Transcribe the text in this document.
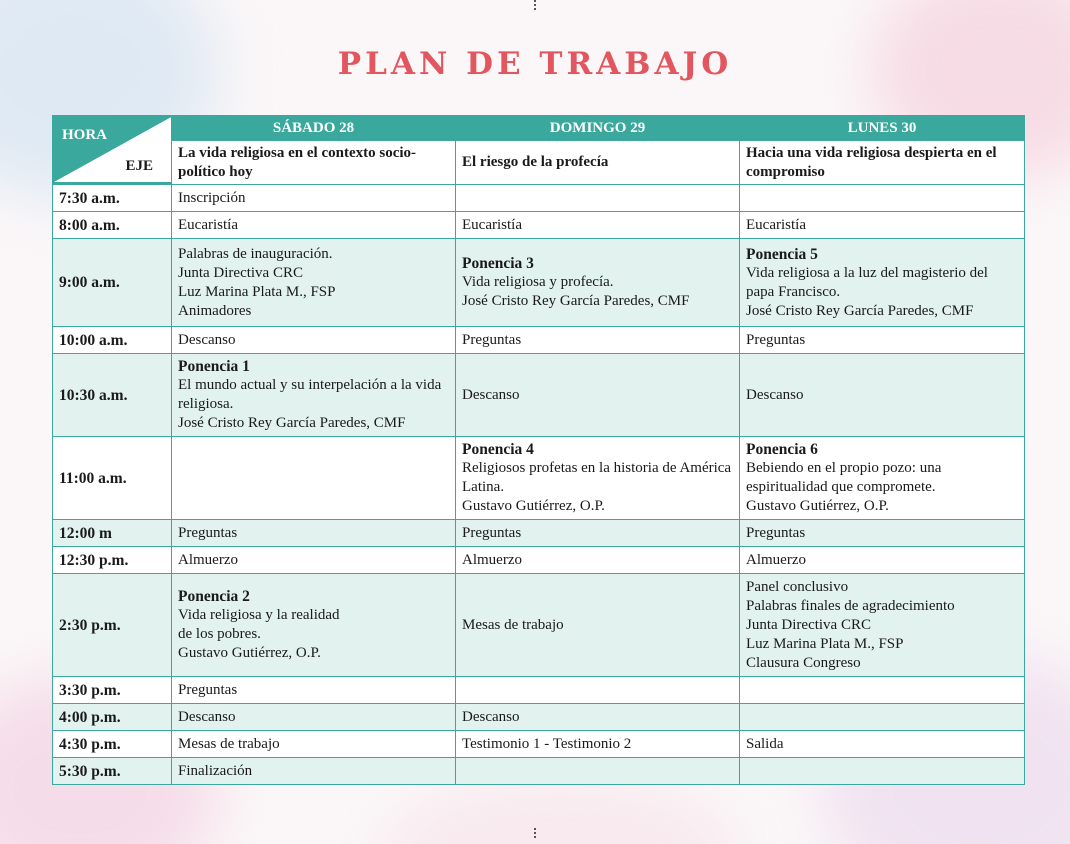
PLAN DE TRABAJO
HORA
EJE	SÁBADO 28	DOMINGO 29	LUNES 30
	La vida religiosa en el contexto socio-político hoy	El riesgo de la profecía	Hacia una vida religiosa despierta en el compromiso
7:30 a.m.	Inscripción		

8:00 a.m.	Eucaristía	Eucaristía	Eucaristía

9:00 a.m.	Palabras de inauguración.
Junta Directiva CRC
Luz Marina Plata M., FSP
Animadores	Ponencia 3
Vida religiosa y profecía.
José Cristo Rey García Paredes, CMF	Ponencia 5
Vida religiosa a la luz del magisterio del papa Francisco.
José Cristo Rey García Paredes, CMF

10:00 a.m.	Descanso	Preguntas	Preguntas

10:30 a.m.	Ponencia 1
El mundo actual y su interpelación a la vida religiosa.
José Cristo Rey García Paredes, CMF	Descanso	Descanso

11:00 a.m.		Ponencia 4
Religiosos profetas en la historia de América Latina.
Gustavo Gutiérrez, O.P.	Ponencia 6
Bebiendo en el propio pozo: una espiritualidad que compromete.
Gustavo Gutiérrez, O.P.

12:00 m	Preguntas	Preguntas	Preguntas

12:30 p.m.	Almuerzo	Almuerzo	Almuerzo

2:30 p.m.	Ponencia 2
Vida religiosa y la realidad
de los pobres.
Gustavo Gutiérrez, O.P.	Mesas de trabajo	Panel conclusivo
Palabras finales de agradecimiento
Junta Directiva CRC
Luz Marina Plata M., FSP
Clausura Congreso

3:30 p.m.	Preguntas		

4:00 p.m.	Descanso	Descanso	

4:30 p.m.	Mesas de trabajo	Testimonio 1 - Testimonio 2	Salida

5:30 p.m.	Finalización		
